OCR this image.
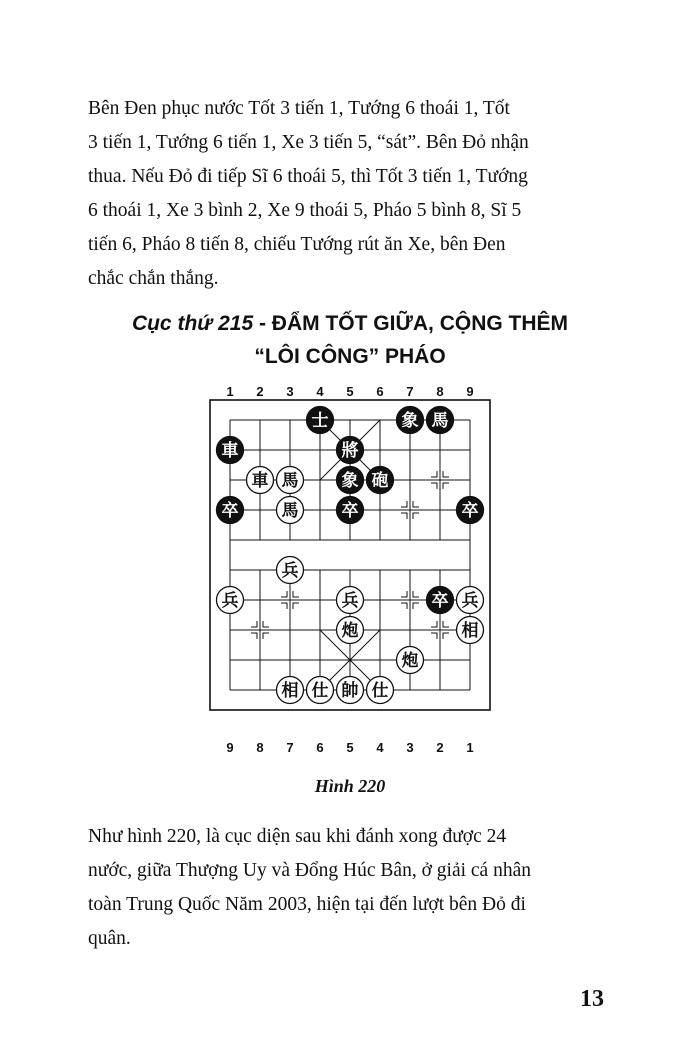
Bên Đen phục nước Tốt 3 tiến 1, Tướng 6 thoái 1, Tốt
3 tiến 1, Tướng 6 tiến 1, Xe 3 tiến 5, “sát”. Bên Đỏ nhận
thua. Nếu Đỏ đi tiếp Sĩ 6 thoái 5, thì Tốt 3 tiến 1, Tướng
6 thoái 1, Xe 3 bình 2, Xe 9 thoái 5, Pháo 5 bình 8, Sĩ 5
tiến 6, Pháo 8 tiến 8, chiếu Tướng rút ăn Xe, bên Đen
chắc chắn thắng.
Cục thứ 215 - ĐẨM TỐT GIỮA, CỘNG THÊM
“LÔI CÔNG” PHÁO
1 2 3 4 5 6 7 8 9
9 8 7 6 5 4 3 2 1
士	象 馬
將
車
象 砲
卒	卒	卒
卒
車 馬
馬
兵
兵	兵	兵
炮	相
炮
相 仕 帥 仕
Hình 220
Như hình 220, là cục diện sau khi đánh xong được 24
nước, giữa Thượng Uy và Đổng Húc Bân, ở giải cá nhân
toàn Trung Quốc Năm 2003, hiện tại đến lượt bên Đỏ đi
quân.
13
